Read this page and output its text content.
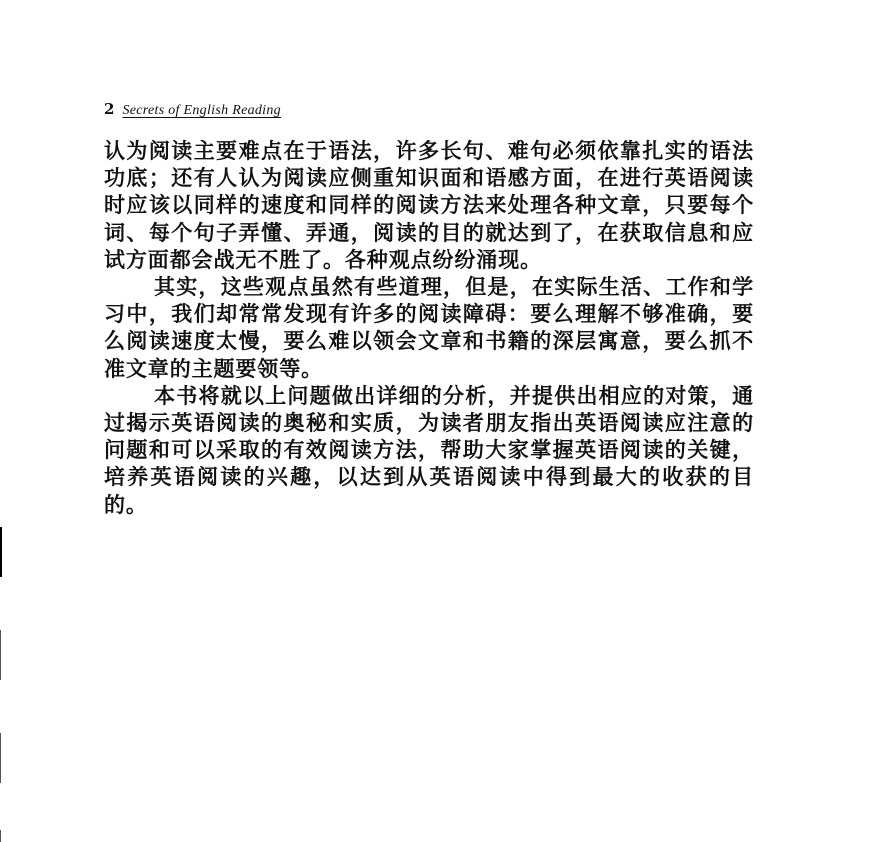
2 Secrets of English Reading

认为阅读主要难点在于语法，许多长句、难句必须依靠扎实的语法功底；还有人认为阅读应侧重知识面和语感方面，在进行英语阅读时应该以同样的速度和同样的阅读方法来处理各种文章，只要每个词、每个句子弄懂、弄通，阅读的目的就达到了，在获取信息和应试方面都会战无不胜了。各种观点纷纷涌现。

其实，这些观点虽然有些道理，但是，在实际生活、工作和学习中，我们却常常发现有许多的阅读障碍：要么理解不够准确，要么阅读速度太慢，要么难以领会文章和书籍的深层寓意，要么抓不准文章的主题要领等。

本书将就以上问题做出详细的分析，并提供出相应的对策，通过揭示英语阅读的奥秘和实质，为读者朋友指出英语阅读应注意的问题和可以采取的有效阅读方法，帮助大家掌握英语阅读的关键，培养英语阅读的兴趣，以达到从英语阅读中得到最大的收获的目的。
